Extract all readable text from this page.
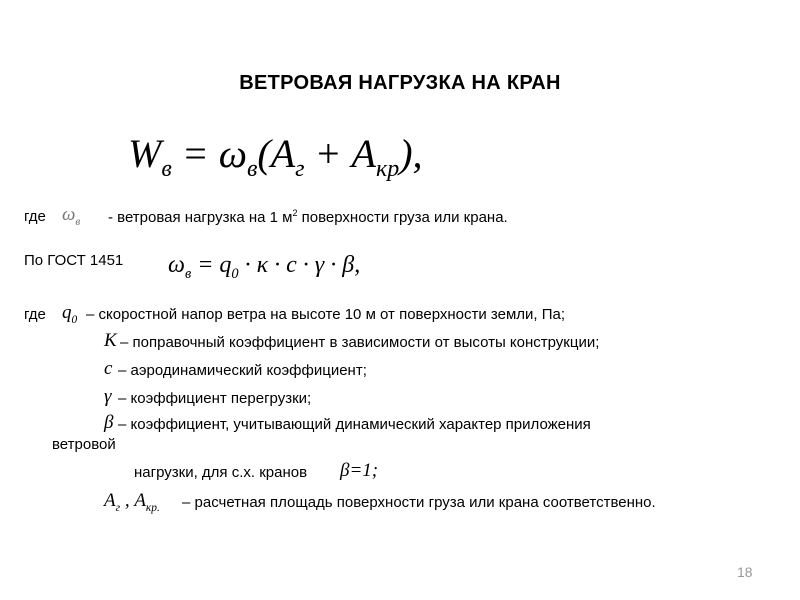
ВЕТРОВАЯ НАГРУЗКА НА КРАН
$W_в = \omega_в(A_г + A_{кр})$,
где $\omega_в$ - ветровая нагрузка на 1 $м^2$ поверхности груза или крана.
По ГОСТ 1451 $\omega_в = q_0 \cdot \kappa \cdot c \cdot \gamma \cdot \beta$,
где $q_0$ – скоростной напор ветра на высоте 10 м от поверхности земли, Па;
К – поправочный коэффициент в зависимости от высоты конструкции;
с – аэродинамический коэффициент;
γ – коэффициент перегрузки;
β – коэффициент, учитывающий динамический характер приложения
ветровой
нагрузки, для с.х. кранов β=1;
$А_г$ , $А_{кр.}$ – расчетная площадь поверхности груза или крана соответственно.
18
